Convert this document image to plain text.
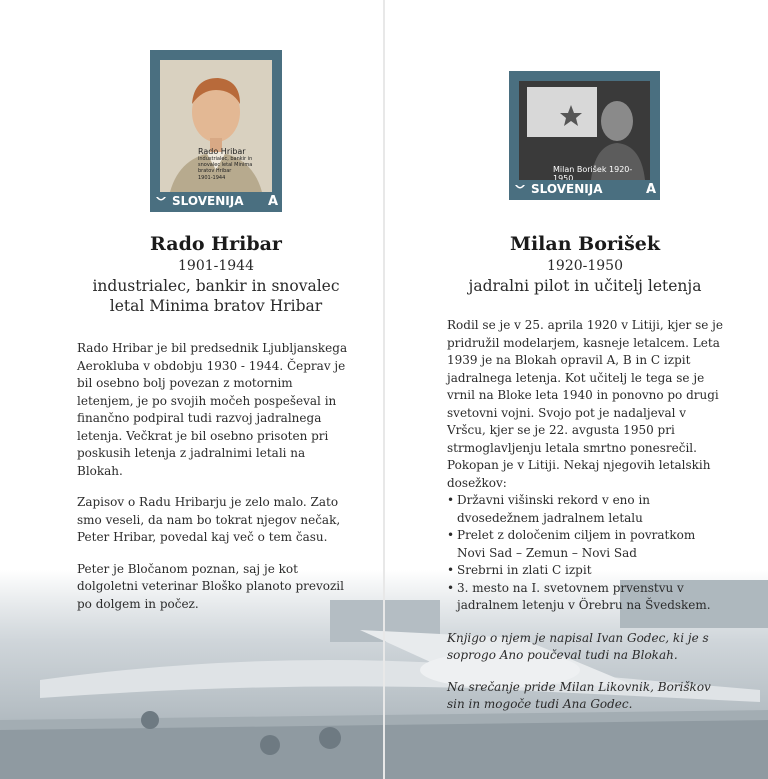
Rado Hribar
industrialec, bankir in snovalec letal Minima bratov Hribar
1901-1944
SLOVENIJA	A
Milan Borišek 1920-1950
SLOVENIJA	A
Rado Hribar
1901-1944
industrialec, bankir in snovalec
letal Minima bratov Hribar
Milan Borišek
1920-1950
jadralni pilot in učitelj letenja

Rado Hribar je bil predsednik Ljubljanskega Aerokluba v obdobju 1930 - 1944. Čeprav je bil osebno bolj povezan z motornim letenjem, je po svojih močeh pospeševal in finančno podpiral tudi razvoj jadralnega letenja. Večkrat je bil osebno prisoten pri poskusih letenja z jadralnimi letali na Blokah.

Zapisov o Radu Hribarju je zelo malo. Zato smo veseli, da nam bo tokrat njegov nečak, Peter Hribar, povedal kaj več o tem času.

Peter je Bločanom poznan, saj je kot dolgoletni veterinar Bloško planoto prevozil po dolgem in počez.

Rodil se je v 25. aprila 1920 v Litiji, kjer se je pridružil modelarjem, kasneje letalcem. Leta 1939 je na Blokah opravil A, B in C izpit jadralnega letenja. Kot učitelj le tega se je vrnil na Bloke leta 1940 in ponovno po drugi svetovni vojni. Svojo pot je nadaljeval v Vršcu, kjer se je 22. avgusta 1950 pri strmoglavljenju letala smrtno ponesrečil. Pokopan je v Litiji. Nekaj njegovih letalskih dosežkov:
• Državni višinski rekord v eno in dvosedežnem jadralnem letalu
• Prelet z določenim ciljem in povratkom Novi Sad – Zemun – Novi Sad
• Srebrni in zlati C izpit
• 3. mesto na I. svetovnem prvenstvu v jadralnem letenju v Örebru na Švedskem.

Knjigo o njem je napisal Ivan Godec, ki je s soprogo Ano poučeval tudi na Blokah.

Na srečanje pride Milan Likovnik, Boriškov sin in mogoče tudi Ana Godec.
